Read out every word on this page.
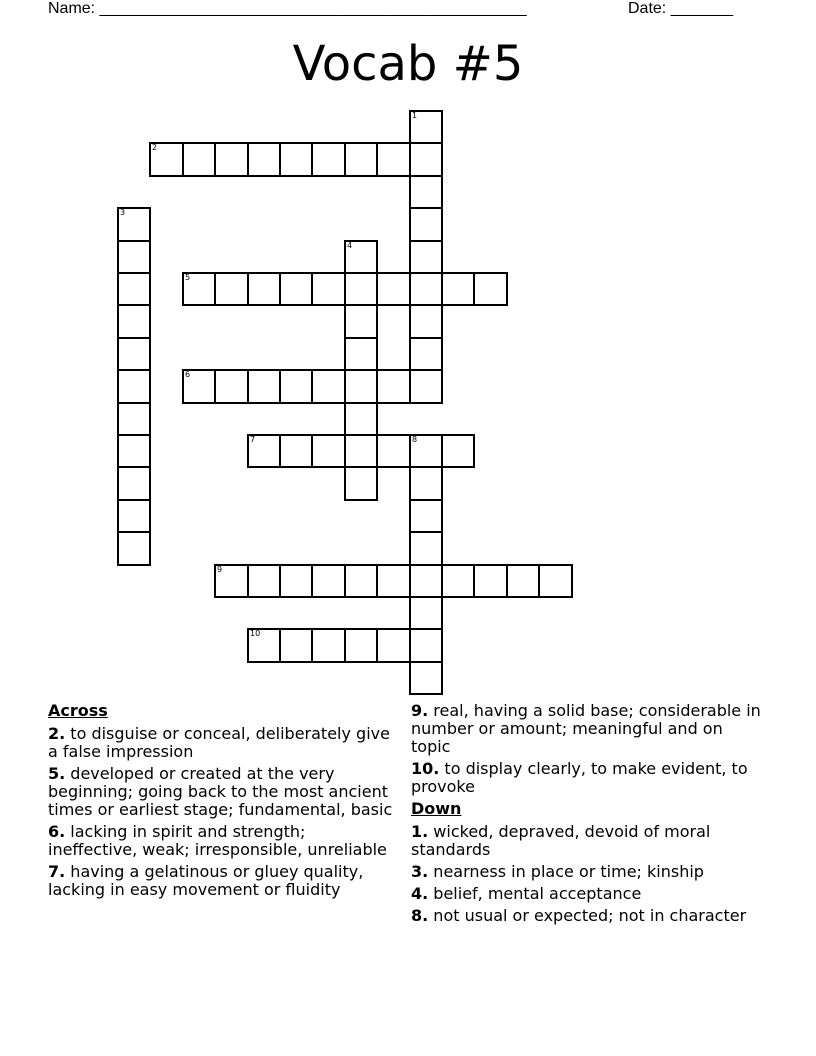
Name: ________________________________________________	Date: _______
Vocab #5
1
2
3
4
5
6
7	8
9
10
Across
2. to disguise or conceal, deliberately give a false impression
5. developed or created at the very beginning; going back to the most ancient times or earliest stage; fundamental, basic
6. lacking in spirit and strength; ineffective, weak; irresponsible, unreliable
7. having a gelatinous or gluey quality, lacking in easy movement or fluidity
9. real, having a solid base; considerable in number or amount; meaningful and on topic
10. to display clearly, to make evident, to provoke
Down
1. wicked, depraved, devoid of moral standards
3. nearness in place or time; kinship
4. belief, mental acceptance
8. not usual or expected; not in character
